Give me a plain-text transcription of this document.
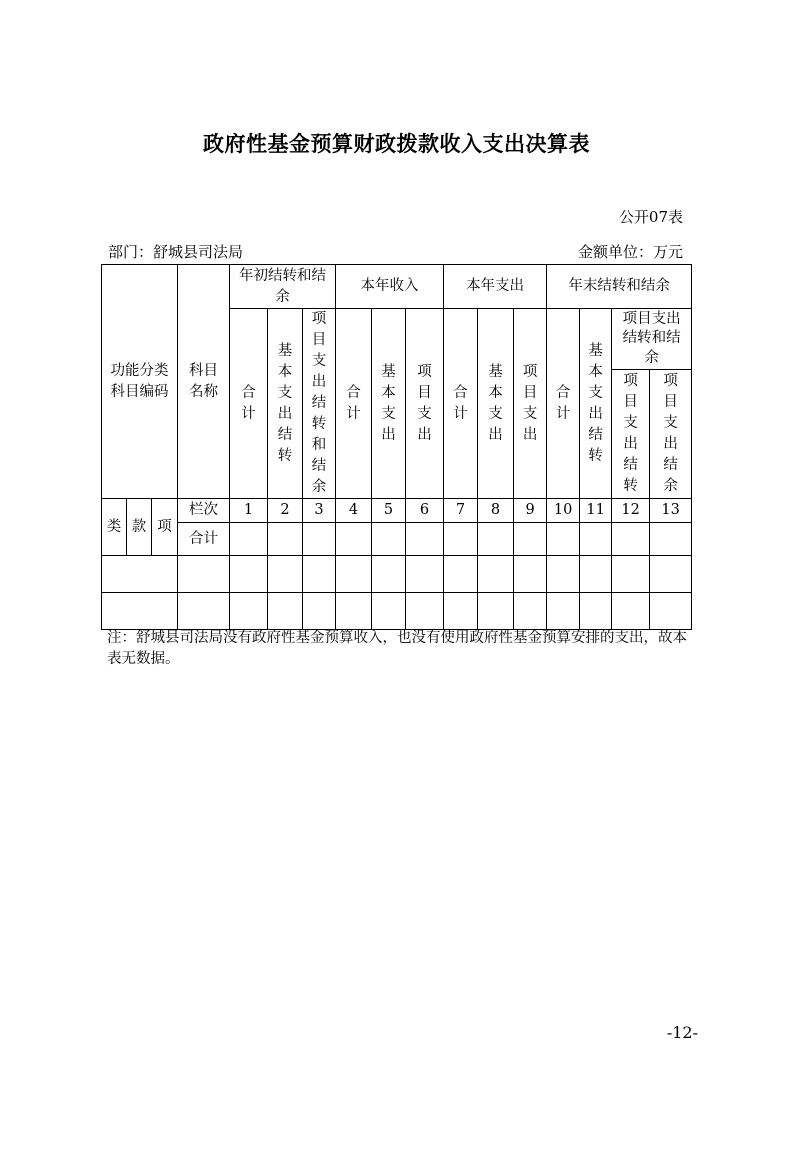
政府性基金预算财政拨款收入支出决算表
公开07表
部门：舒城县司法局	金额单位：万元
功能分类科目编码			科目名称	年初结转和结余			本年收入			本年支出			年末结转和结余			
				合计	基本支出结转	项目支出结转和结余	合计	基本支出	项目支出	合计	基本支出	项目支出	合计	基本支出结转	项目支出结转和结余	
															项目支出结转	项目支出结余
类	款	项	栏次	1	2	3	4	5	6	7	8	9	10	11	12	13
			合计													

注：舒城县司法局没有政府性基金预算收入，也没有使用政府性基金预算安排的支出，故本表无数据。
-12-
